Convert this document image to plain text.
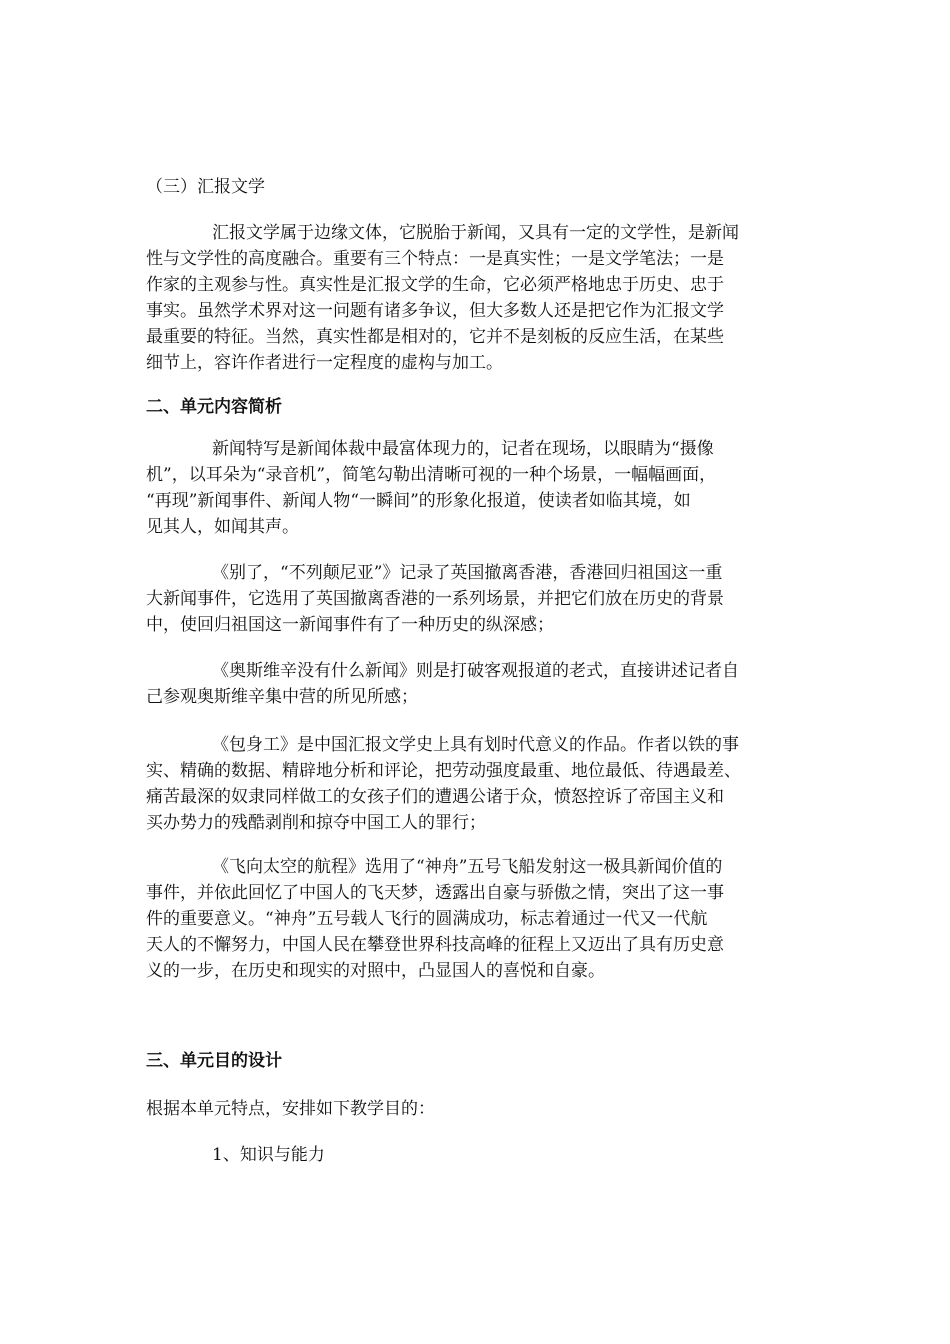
（三）汇报文学

汇报文学属于边缘文体，它脱胎于新闻，又具有一定的文学性，是新闻

性与文学性的高度融合。重要有三个特点：一是真实性；一是文学笔法；一是

作家的主观参与性。真实性是汇报文学的生命，它必须严格地忠于历史、忠于

事实。虽然学术界对这一问题有诸多争议，但大多数人还是把它作为汇报文学

最重要的特征。当然，真实性都是相对的，它并不是刻板的反应生活，在某些

细节上，容许作者进行一定程度的虚构与加工。

二、单元内容简析

新闻特写是新闻体裁中最富体现力的，记者在现场，以眼睛为“摄像

机”，以耳朵为“录音机”，简笔勾勒出清晰可视的一种个场景，一幅幅画面，

“再现”新闻事件、新闻人物“一瞬间”的形象化报道，使读者如临其境，如

见其人，如闻其声。

《别了，“不列颠尼亚”》记录了英国撤离香港，香港回归祖国这一重

大新闻事件，它选用了英国撤离香港的一系列场景，并把它们放在历史的背景

中，使回归祖国这一新闻事件有了一种历史的纵深感；

《奥斯维辛没有什么新闻》则是打破客观报道的老式，直接讲述记者自

己参观奥斯维辛集中营的所见所感；

《包身工》是中国汇报文学史上具有划时代意义的作品。作者以铁的事

实、精确的数据、精辟地分析和评论，把劳动强度最重、地位最低、待遇最差、

痛苦最深的奴隶同样做工的女孩子们的遭遇公诸于众，愤怒控诉了帝国主义和

买办势力的残酷剥削和掠夺中国工人的罪行；

《飞向太空的航程》选用了“神舟”五号飞船发射这一极具新闻价值的

事件，并依此回忆了中国人的飞天梦，透露出自豪与骄傲之情，突出了这一事

件的重要意义。“神舟”五号载人飞行的圆满成功，标志着通过一代又一代航

天人的不懈努力，中国人民在攀登世界科技高峰的征程上又迈出了具有历史意

义的一步，在历史和现实的对照中，凸显国人的喜悦和自豪。

三、单元目的设计

根据本单元特点，安排如下教学目的：

1、知识与能力
